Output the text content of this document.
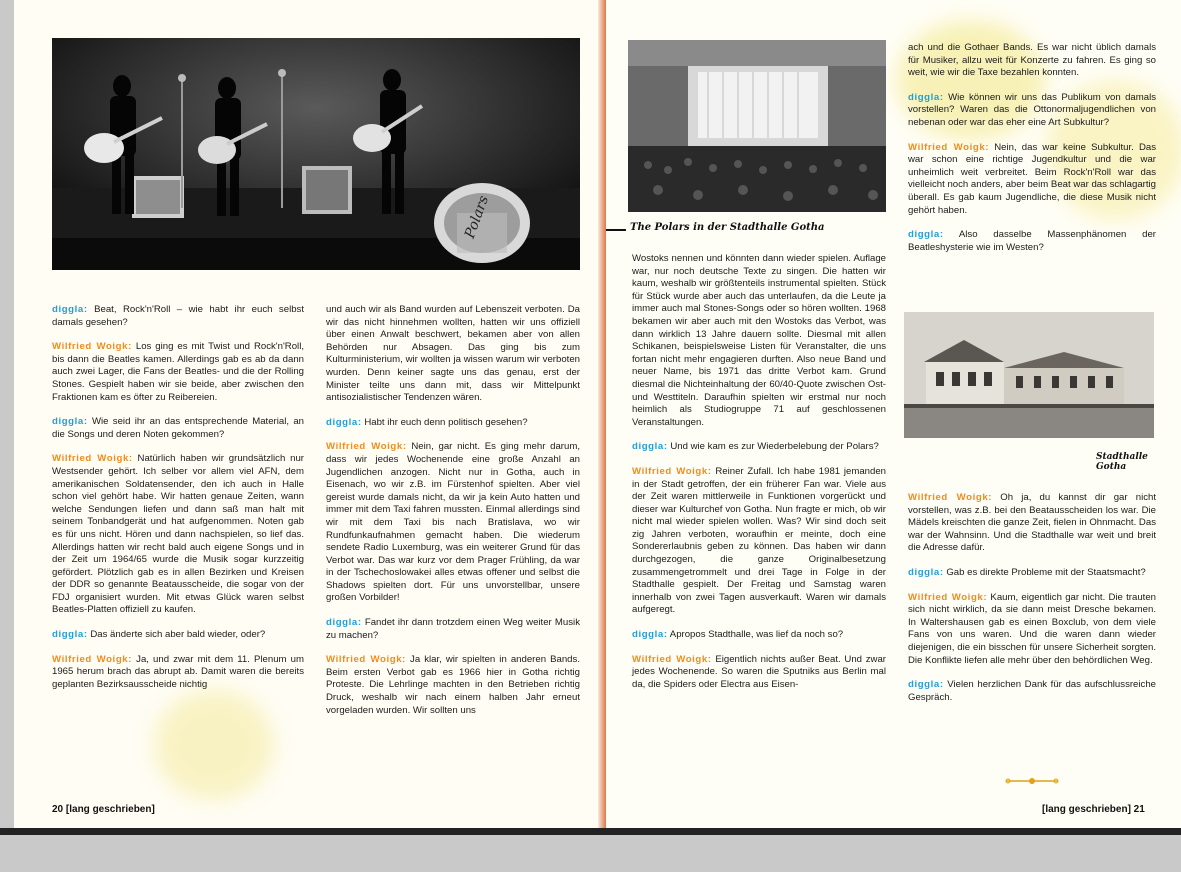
Polars

diggla: Beat, Rock'n'Roll – wie habt ihr euch selbst damals gesehen?

Wilfried Woigk: Los ging es mit Twist und Rock'n'Roll, bis dann die Beatles kamen. Allerdings gab es ab da dann auch zwei Lager, die Fans der Beatles- und die der Rolling Stones. Gespielt haben wir sie beide, aber zwischen den Fraktionen kam es öfter zu Reibereien.

diggla: Wie seid ihr an das entsprechende Material, an die Songs und deren Noten gekommen?

Wilfried Woigk: Natürlich haben wir grundsätzlich nur Westsender gehört. Ich selber vor allem viel AFN, dem amerikanischen Soldatensender, den ich auch in Halle schon viel gehört habe. Wir hatten genaue Zeiten, wann welche Sendungen liefen und dann saß man halt mit seinem Tonbandgerät und hat aufgenommen. Noten gab es für uns nicht. Hören und dann nachspielen, so lief das. Allerdings hatten wir recht bald auch eigene Songs und in der Zeit um 1964/65 wurde die Musik sogar kurzzeitig gefördert. Plötzlich gab es in allen Bezirken und Kreisen der DDR so genannte Beatausscheide, die sogar von der FDJ organisiert wurden. Mit etwas Glück waren selbst Beatles-Platten offiziell zu kaufen.

diggla: Das änderte sich aber bald wieder, oder?

Wilfried Woigk: Ja, und zwar mit dem 11. Plenum um 1965 herum brach das abrupt ab. Damit waren die bereits geplanten Bezirksausscheide nichtig

und auch wir als Band wurden auf Lebenszeit verboten. Da wir das nicht hinnehmen wollten, hatten wir uns offiziell über einen Anwalt beschwert, bekamen aber von allen Behörden nur Absagen. Das ging bis zum Kulturministerium, wir wollten ja wissen warum wir verboten wurden. Denn keiner sagte uns das genau, erst der Minister teilte uns dann mit, dass wir Mittelpunkt antisozialistischer Tendenzen wären.

diggla: Habt ihr euch denn politisch gesehen?

Wilfried Woigk: Nein, gar nicht. Es ging mehr darum, dass wir jedes Wochenende eine große Anzahl an Jugendlichen anzogen. Nicht nur in Gotha, auch in Eisenach, wo wir z.B. im Fürstenhof spielten. Aber viel gereist wurde damals nicht, da wir ja kein Auto hatten und immer mit dem Taxi fahren mussten. Einmal allerdings sind wir mit dem Taxi bis nach Bratislava, wo wir Rundfunkaufnahmen gemacht haben. Die wiederum sendete Radio Luxemburg, was ein weiterer Grund für das Verbot war. Das war kurz vor dem Prager Frühling, da war in der Tschechoslowakei alles etwas offener und selbst die Shadows spielten dort. Für uns unvorstellbar, unsere großen Vorbilder!

diggla: Fandet ihr dann trotzdem einen Weg weiter Musik zu machen?

Wilfried Woigk: Ja klar, wir spielten in anderen Bands. Beim ersten Verbot gab es 1966 hier in Gotha richtig Proteste. Die Lehrlinge machten in den Betrieben richtig Druck, weshalb wir nach einem halben Jahr erneut vorgeladen wurden. Wir sollten uns

20 [lang geschrieben]
The Polars in der Stadthalle Gotha

Wostoks nennen und könnten dann wieder spielen. Auflage war, nur noch deutsche Texte zu singen. Die hatten wir kaum, weshalb wir größtenteils instrumental spielten. Stück für Stück wurde aber auch das unterlaufen, da die Leute ja immer auch mal Stones-Songs oder so hören wollten. 1968 bekamen wir aber auch mit den Wostoks das Verbot, was dann wirklich 13 Jahre dauern sollte. Diesmal mit allen Schikanen, beispielsweise Listen für Veranstalter, die uns fortan nicht mehr engagieren durften. Also neue Band und neuer Name, bis 1971 das dritte Verbot kam. Grund diesmal die Nichteinhaltung der 60/40-Quote zwischen Ost- und Westtiteln. Daraufhin spielten wir erstmal nur noch heimlich als Studiogruppe 71 auf geschlossenen Veranstaltungen.

diggla: Und wie kam es zur Wiederbelebung der Polars?

Wilfried Woigk: Reiner Zufall. Ich habe 1981 jemanden in der Stadt getroffen, der ein früherer Fan war. Viele aus der Zeit waren mittlerweile in Funktionen vorgerückt und dieser war Kulturchef von Gotha. Nun fragte er mich, ob wir nicht mal wieder spielen wollen. Was? Wir sind doch seit zig Jahren verboten, woraufhin er meinte, doch eine Sondererlaubnis geben zu können. Das haben wir dann durchgezogen, die ganze Originalbesetzung zusammengetrommelt und drei Tage in Folge in der Stadthalle gespielt. Der Freitag und Samstag waren innerhalb von zwei Tagen ausverkauft. Waren wir damals aufgeregt.

diggla: Apropos Stadthalle, was lief da noch so?

Wilfried Woigk: Eigentlich nichts außer Beat. Und zwar jedes Wochenende. So waren die Sputniks aus Berlin mal da, die Spiders oder Electra aus Eisen-

ach und die Gothaer Bands. Es war nicht üblich damals für Musiker, allzu weit für Konzerte zu fahren. Es ging so weit, wie wir die Taxe bezahlen konnten.

diggla: Wie können wir uns das Publikum von damals vorstellen? Waren das die Ottonormaljugendlichen von nebenan oder war das eher eine Art Subkultur?

Wilfried Woigk: Nein, das war keine Subkultur. Das war schon eine richtige Jugendkultur und die war unheimlich weit verbreitet. Beim Rock'n'Roll war das vielleicht noch anders, aber beim Beat war das schlagartig überall. Es gab kaum Jugendliche, die diese Musik nicht gehört haben.

diggla: Also dasselbe Massenphänomen der Beatleshysterie wie im Westen?

Stadthalle Gotha

Wilfried Woigk: Oh ja, du kannst dir gar nicht vorstellen, was z.B. bei den Beatausscheiden los war. Die Mädels kreischten die ganze Zeit, fielen in Ohnmacht. Das war der Wahnsinn. Und die Stadthalle war weit und breit die Adresse dafür.

diggla: Gab es direkte Probleme mit der Staatsmacht?

Wilfried Woigk: Kaum, eigentlich gar nicht. Die trauten sich nicht wirklich, da sie dann meist Dresche bekamen. In Waltershausen gab es einen Boxclub, von dem viele Fans von uns waren. Und die waren dann wieder diejenigen, die ein bisschen für unsere Sicherheit sorgten. Die Konflikte liefen alle mehr über den behördlichen Weg.

diggla: Vielen herzlichen Dank für das aufschlussreiche Gespräch.

[lang geschrieben] 21
